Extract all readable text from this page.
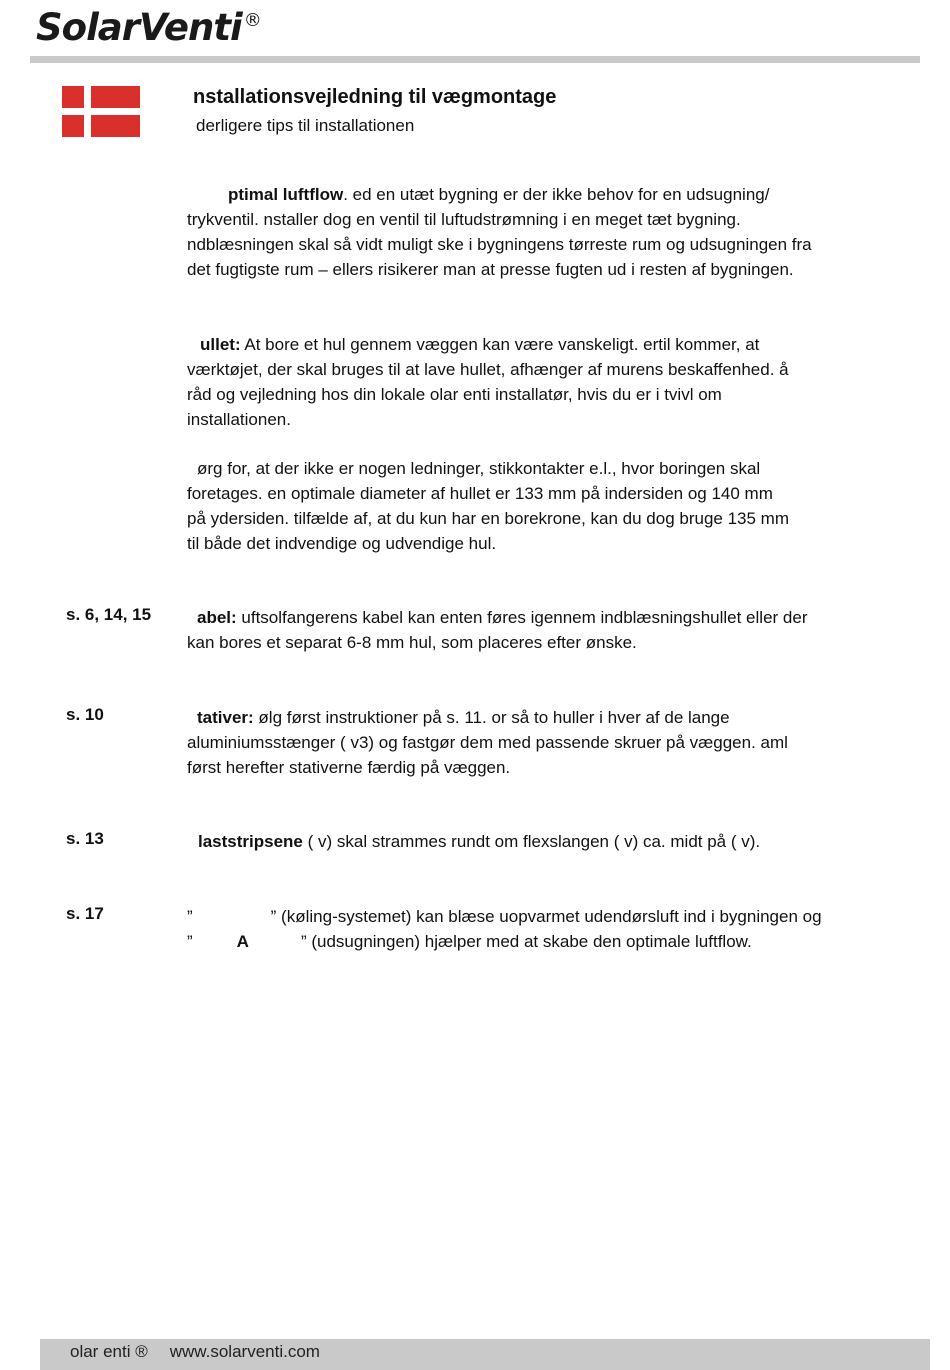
SolarVenti ®
nstallationsvejledning til vægmontage
derligere tips til installationen

ptimal luftflow. ed en utæt bygning er der ikke behov for en udsugning/

trykventil. nstaller dog en ventil til luftudstrømning i en meget tæt bygning.

ndblæsningen skal så vidt muligt ske i bygningens tørreste rum og udsugningen fra

det fugtigste rum – ellers risikerer man at presse fugten ud i resten af bygningen.

ullet: At bore et hul gennem væggen kan være vanskeligt. ertil kommer, at

værktøjet, der skal bruges til at lave hullet, afhænger af murens beskaffenhed. å

råd og vejledning hos din lokale olar enti installatør, hvis du er i tvivl om

installationen.

ørg for, at der ikke er nogen ledninger, stikkontakter e.l., hvor boringen skal

foretages. en optimale diameter af hullet er 133 mm på indersiden og 140 mm

på ydersiden. tilfælde af, at du kun har en borekrone, kan du dog bruge 135 mm

til både det indvendige og udvendige hul.

s. 6, 14, 15	abel: uftsolfangerens kabel kan enten føres igennem indblæsningshullet eller der

kan bores et separat 6-8 mm hul, som placeres efter ønske.

s. 10	tativer: ølg først instruktioner på s. 11. or så to huller i hver af de lange

aluminiumsstænger ( v3) og fastgør dem med passende skruer på væggen. aml

først herefter stativerne færdig på væggen.

s. 13	laststripsene ( v) skal strammes rundt om flexslangen ( v) ca. midt på ( v).

s. 17	”	” (køling-systemet) kan blæse uopvarmet udendørsluft ind i bygningen og

”	A	” (udsugningen) hjælper med at skabe den optimale luftflow.

olar enti ® www.solarventi.com
